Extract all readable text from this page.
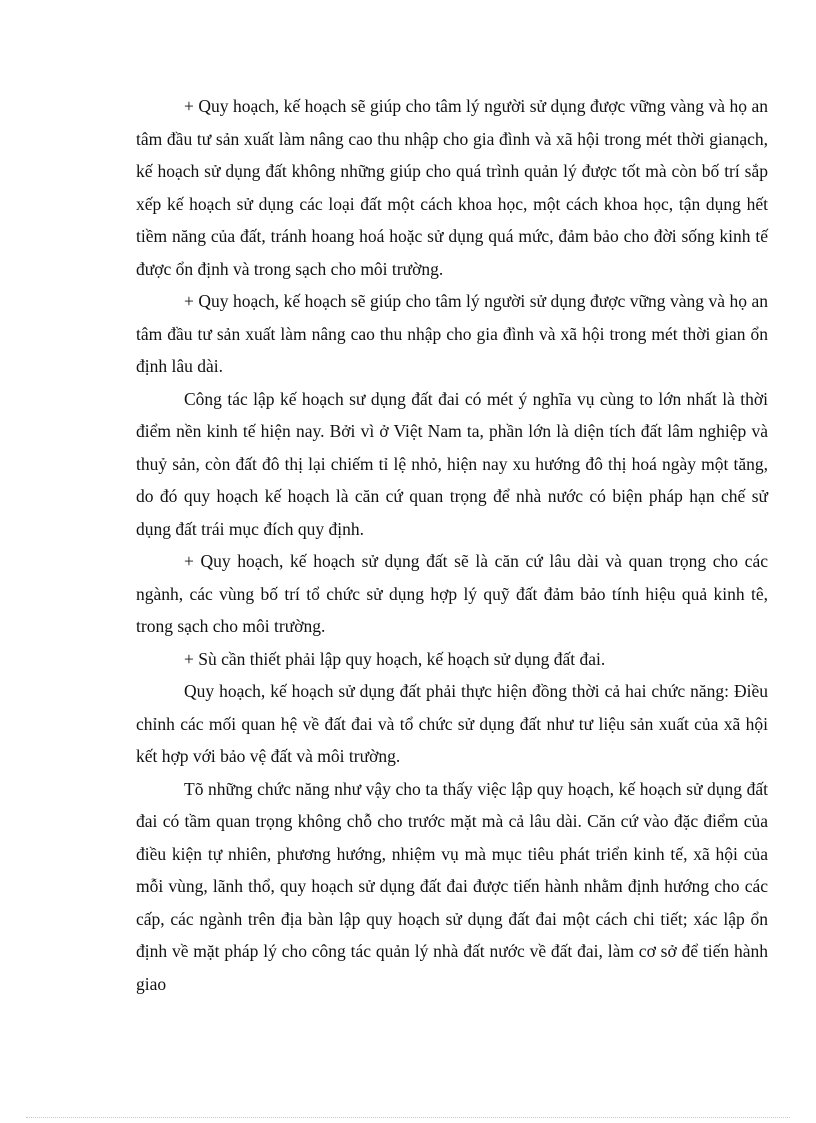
+ Quy hoạch, kế hoạch sẽ giúp cho tâm lý người sử dụng được vững vàng và họ an tâm đầu tư sản xuất làm nâng cao thu nhập cho gia đình và xã hội trong mét thời gianạch, kế hoạch sử dụng đất không những giúp cho quá trình quản lý được tốt mà còn bố trí sắp xếp kế hoạch sử dụng các loại đất một cách khoa học, một cách khoa học, tận dụng hết tiềm năng của đất, tránh hoang hoá hoặc sử dụng quá mức, đảm bảo cho đời sống kinh tế được ổn định và trong sạch cho môi trường.

+ Quy hoạch, kế hoạch sẽ giúp cho tâm lý người sử dụng được vững vàng và họ an tâm đầu tư sản xuất làm nâng cao thu nhập cho gia đình và xã hội trong mét thời gian ổn định lâu dài.

Công tác lập kế hoạch sư dụng đất đai có mét ý nghĩa vụ cùng to lớn nhất là thời điểm nền kinh tế hiện nay. Bởi vì ở Việt Nam ta, phần lớn là diện tích đất lâm nghiệp và thuỷ sản, còn đất đô thị lại chiếm tỉ lệ nhỏ, hiện nay xu hướng đô thị hoá ngày một tăng, do đó quy hoạch kế hoạch là căn cứ quan trọng để nhà nước có biện pháp hạn chế sử dụng đất trái mục đích quy định.

+ Quy hoạch, kế hoạch sử dụng đất sẽ là căn cứ lâu dài và quan trọng cho các ngành, các vùng bố trí tổ chức sử dụng hợp lý quỹ đất đảm bảo tính hiệu quả kinh tê, trong sạch cho môi trường.

+ Sù cần thiết phải lập quy hoạch, kế hoạch sử dụng đất đai.

Quy hoạch, kế hoạch sử dụng đất phải thực hiện đồng thời cả hai chức năng: Điều chỉnh các mối quan hệ về đất đai và tổ chức sử dụng đất như tư liệu sản xuất của xã hội kết hợp với bảo vệ đất và môi trường.

Tõ những chức năng như vậy cho ta thấy việc lập quy hoạch, kế hoạch sử dụng đất đai có tầm quan trọng không chỗ cho trước mặt mà cả lâu dài. Căn cứ vào đặc điểm của điều kiện tự nhiên, phương hướng, nhiệm vụ mà mục tiêu phát triển kinh tế, xã hội của mỗi vùng, lãnh thổ, quy hoạch sử dụng đất đai được tiến hành nhằm định hướng cho các cấp, các ngành trên địa bàn lập quy hoạch sử dụng đất đai một cách chi tiết; xác lập ổn định về mặt pháp lý cho công tác quản lý nhà đất nước về đất đai, làm cơ sở để tiến hành giao
